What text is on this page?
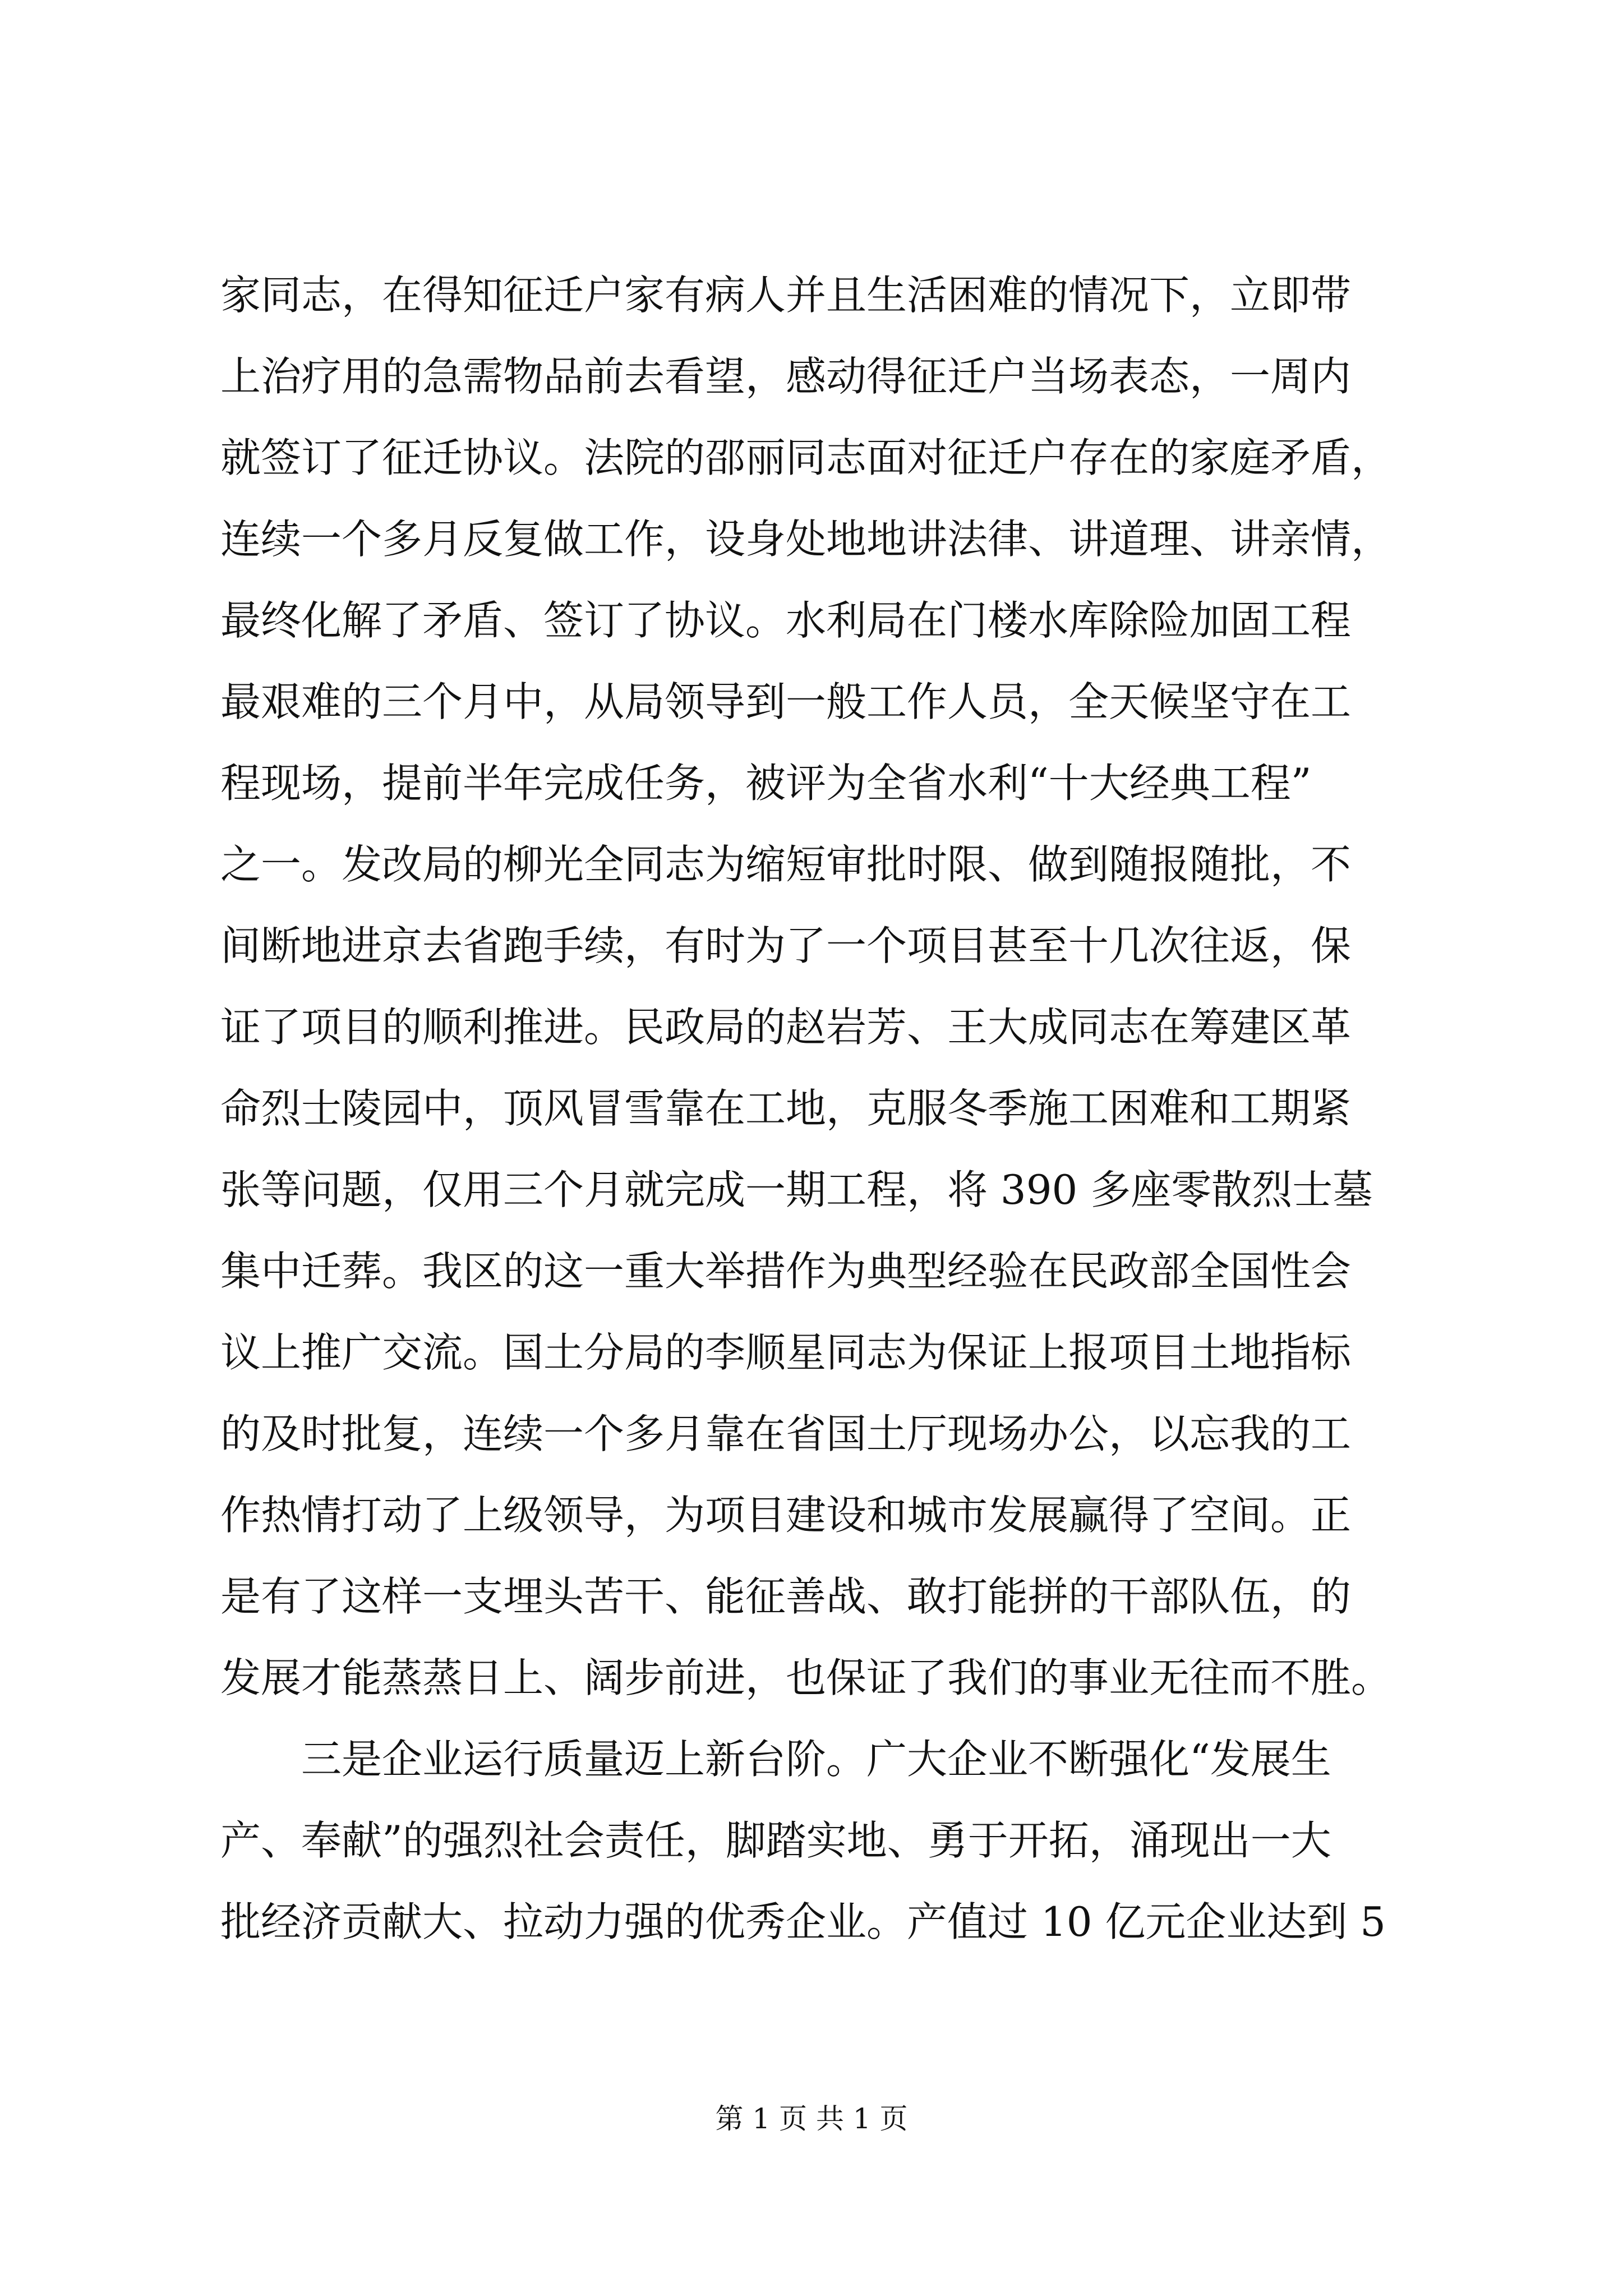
家同志，在得知征迁户家有病人并且生活困难的情况下，立即带
上治疗用的急需物品前去看望，感动得征迁户当场表态，一周内
就签订了征迁协议。法院的邵丽同志面对征迁户存在的家庭矛盾，
连续一个多月反复做工作，设身处地地讲法律、讲道理、讲亲情，
最终化解了矛盾、签订了协议。水利局在门楼水库除险加固工程
最艰难的三个月中，从局领导到一般工作人员，全天候坚守在工
程现场，提前半年完成任务，被评为全省水利“十大经典工程”
之一。发改局的柳光全同志为缩短审批时限、做到随报随批，不
间断地进京去省跑手续，有时为了一个项目甚至十几次往返，保
证了项目的顺利推进。民政局的赵岩芳、王大成同志在筹建区革
命烈士陵园中，顶风冒雪靠在工地，克服冬季施工困难和工期紧
张等问题，仅用三个月就完成一期工程，将 390 多座零散烈士墓
集中迁葬。我区的这一重大举措作为典型经验在民政部全国性会
议上推广交流。国土分局的李顺星同志为保证上报项目土地指标
的及时批复，连续一个多月靠在省国土厅现场办公，以忘我的工
作热情打动了上级领导，为项目建设和城市发展赢得了空间。正
是有了这样一支埋头苦干、能征善战、敢打能拼的干部队伍，的
发展才能蒸蒸日上、阔步前进，也保证了我们的事业无往而不胜。
三是企业运行质量迈上新台阶。广大企业不断强化“发展生
产、奉献”的强烈社会责任，脚踏实地、勇于开拓，涌现出一大
批经济贡献大、拉动力强的优秀企业。产值过 10 亿元企业达到 5
第 1 页 共 1 页
